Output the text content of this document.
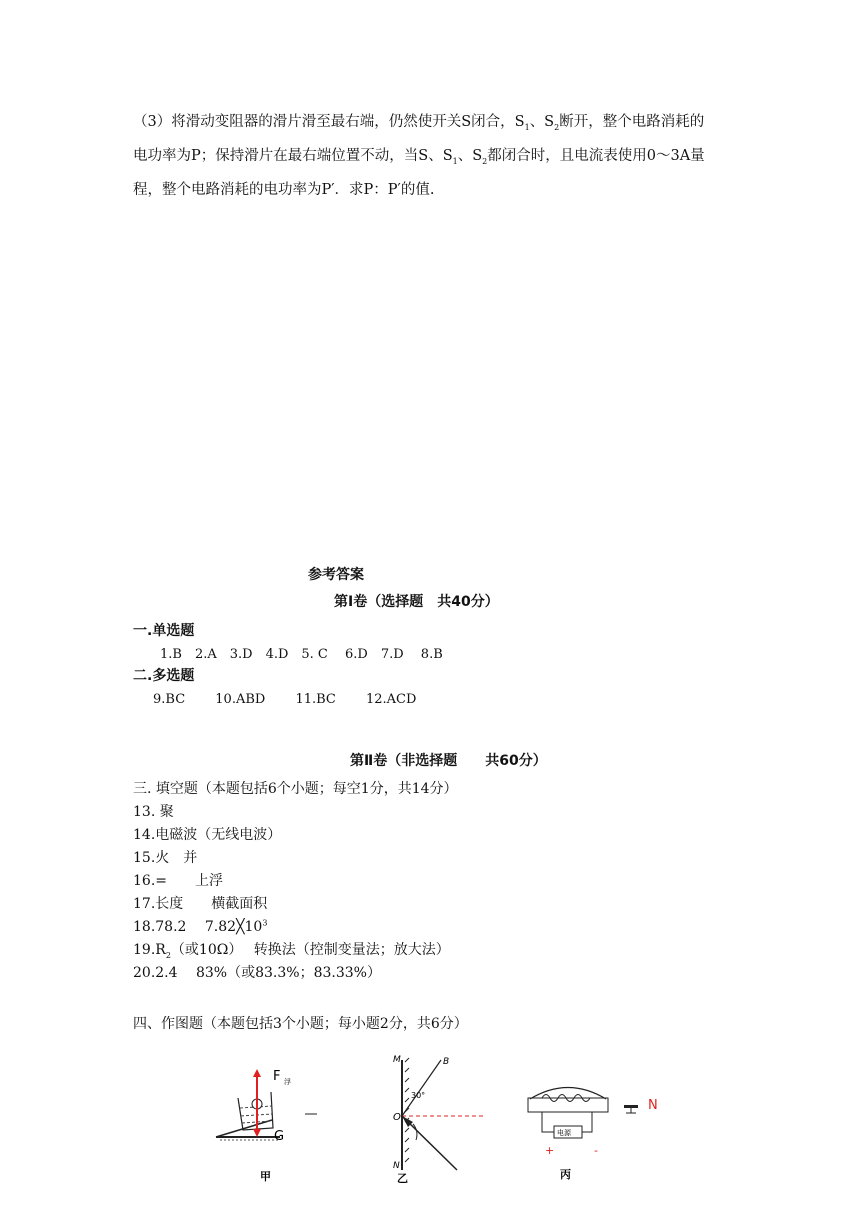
（3）将滑动变阻器的滑片滑至最右端，仍然使开关S闭合，$S_1$、$S_2$断开，整个电路消耗的
电功率为P；保持滑片在最右端位置不动，当S、$S_1$、$S_2$都闭合时，且电流表使用0～3A量
程，整个电路消耗的电功率为P′．求P：P′的值.
参考答案
第Ⅰ卷（选择题　共40分）
一.单选题
1.B　2.A　3.D　4.D　5. C　 6.D　7.D　 8.B
二.多选题
9.BC　　 10.ABD　　 11.BC　　 12.ACD
第Ⅱ卷（非选择题　　共60分）
三. 填空题（本题包括6个小题；每空1分，共14分）
13. 聚
14.电磁波（无线电波）
15.火　并
16.=　　上浮
17.长度　　横截面积
18.78.2　 $7.82╳10^3$
$19.R_2$（或10Ω）　 转换法（控制变量法；放大法）
20.2.4　 83%（或83.3%；83.33%）
四、作图题（本题包括3个小题；每小题2分，共6分）
F 浮
G
甲
M
N
O
B
30°
乙
电源
+	-
N
丙
